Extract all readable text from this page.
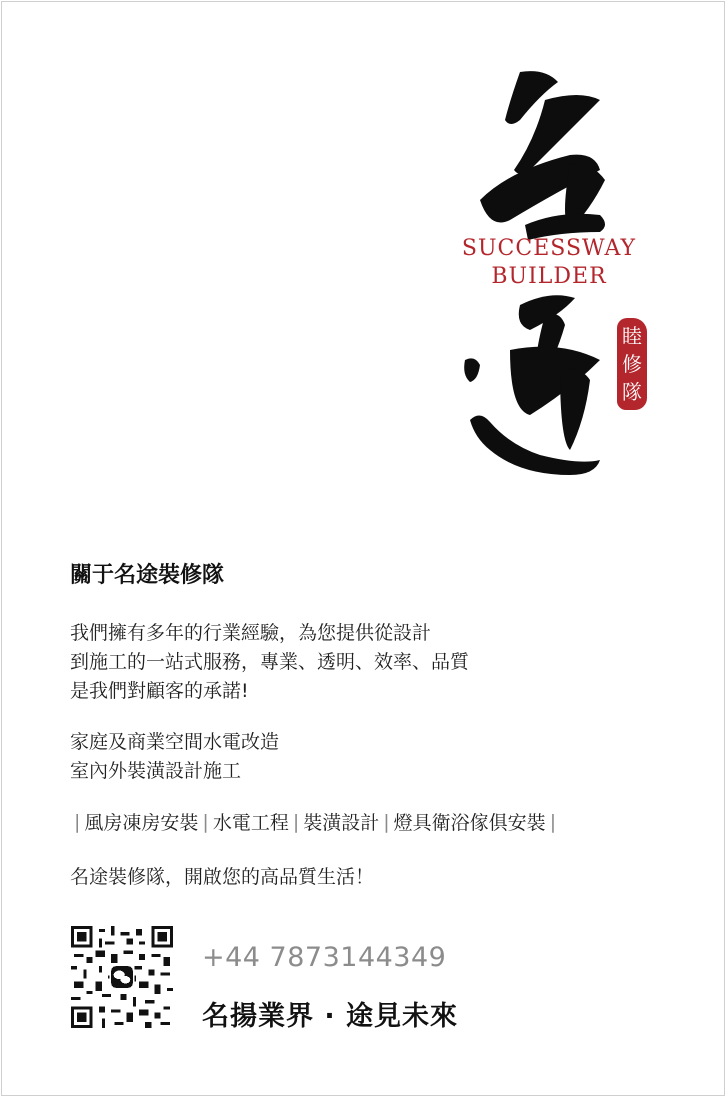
SUCCESSWAY
BUILDER
睦
修
隊
關于名途裝修隊
我們擁有多年的行業經驗，為您提供從設計
到施工的一站式服務，專業、透明、效率、品質
是我們對顧客的承諾!
家庭及商業空間水電改造
室內外裝潢設計施工
| 風房凍房安裝 | 水電工程 | 裝潢設計 | 燈具衛浴傢俱安裝 |
名途裝修隊，開啟您的高品質生活！
+44 7873144349
名揚業界 · 途見未來
